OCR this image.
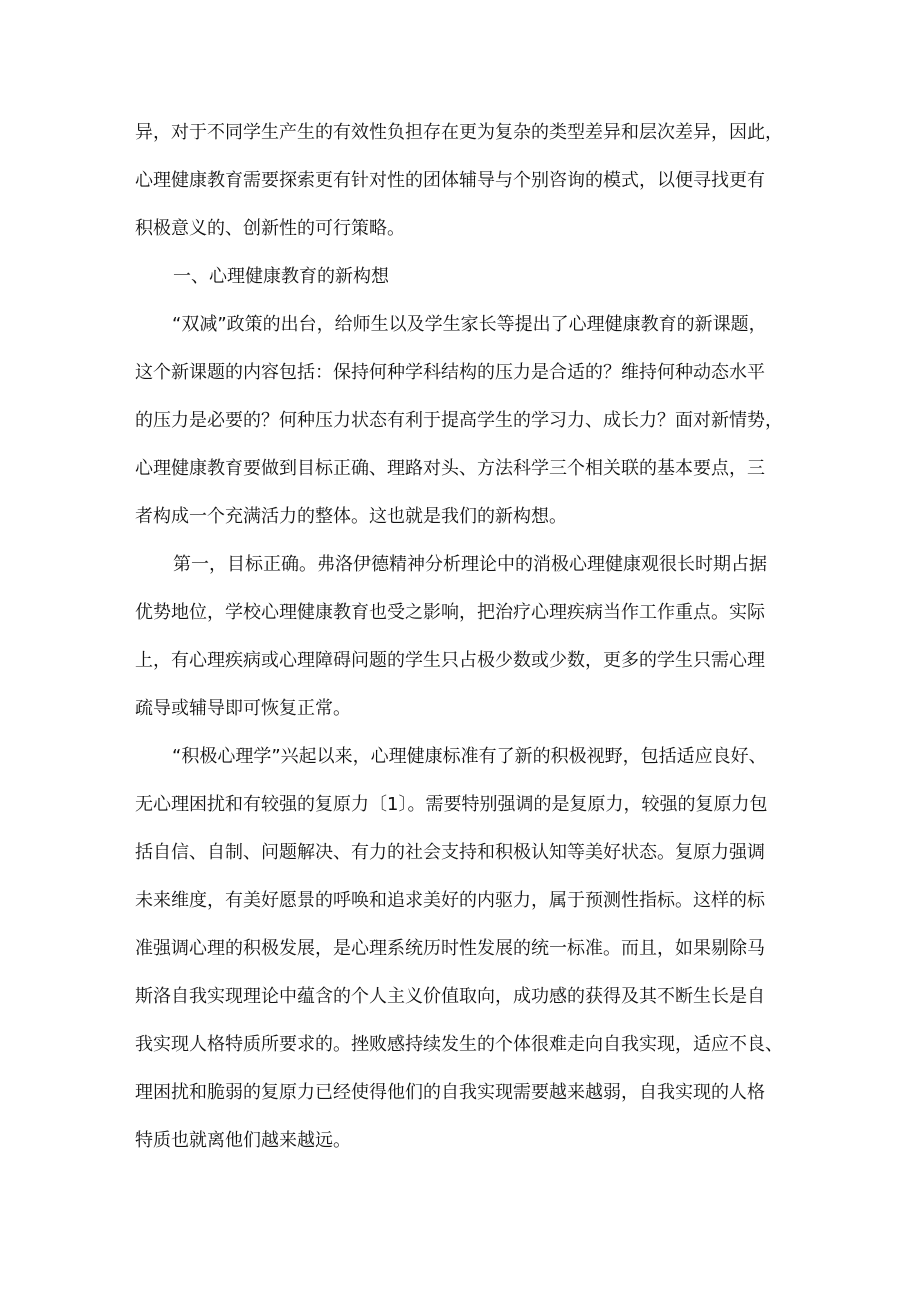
异，对于不同学生产生的有效性负担存在更为复杂的类型差异和层次差异，因此，
心理健康教育需要探索更有针对性的团体辅导与个别咨询的模式，以便寻找更有
积极意义的、创新性的可行策略。
一、心理健康教育的新构想
“双减”政策的出台，给师生以及学生家长等提出了心理健康教育的新课题，
这个新课题的内容包括：保持何种学科结构的压力是合适的？维持何种动态水平
的压力是必要的？何种压力状态有利于提高学生的学习力、成长力？面对新情势，
心理健康教育要做到目标正确、理路对头、方法科学三个相关联的基本要点，三
者构成一个充满活力的整体。这也就是我们的新构想。
第一，目标正确。弗洛伊德精神分析理论中的消极心理健康观很长时期占据
优势地位，学校心理健康教育也受之影响，把治疗心理疾病当作工作重点。实际
上，有心理疾病或心理障碍问题的学生只占极少数或少数，更多的学生只需心理
疏导或辅导即可恢复正常。
“积极心理学”兴起以来，心理健康标准有了新的积极视野，包括适应良好、
无心理困扰和有较强的复原力〔1〕。需要特别强调的是复原力，较强的复原力包
括自信、自制、问题解决、有力的社会支持和积极认知等美好状态。复原力强调
未来维度，有美好愿景的呼唤和追求美好的内驱力，属于预测性指标。这样的标
准强调心理的积极发展，是心理系统历时性发展的统一标准。而且，如果剔除马
斯洛自我实现理论中蕴含的个人主义价值取向，成功感的获得及其不断生长是自
我实现人格特质所要求的。挫败感持续发生的个体很难走向自我实现，适应不良、
理困扰和脆弱的复原力已经使得他们的自我实现需要越来越弱，自我实现的人格
特质也就离他们越来越远。
